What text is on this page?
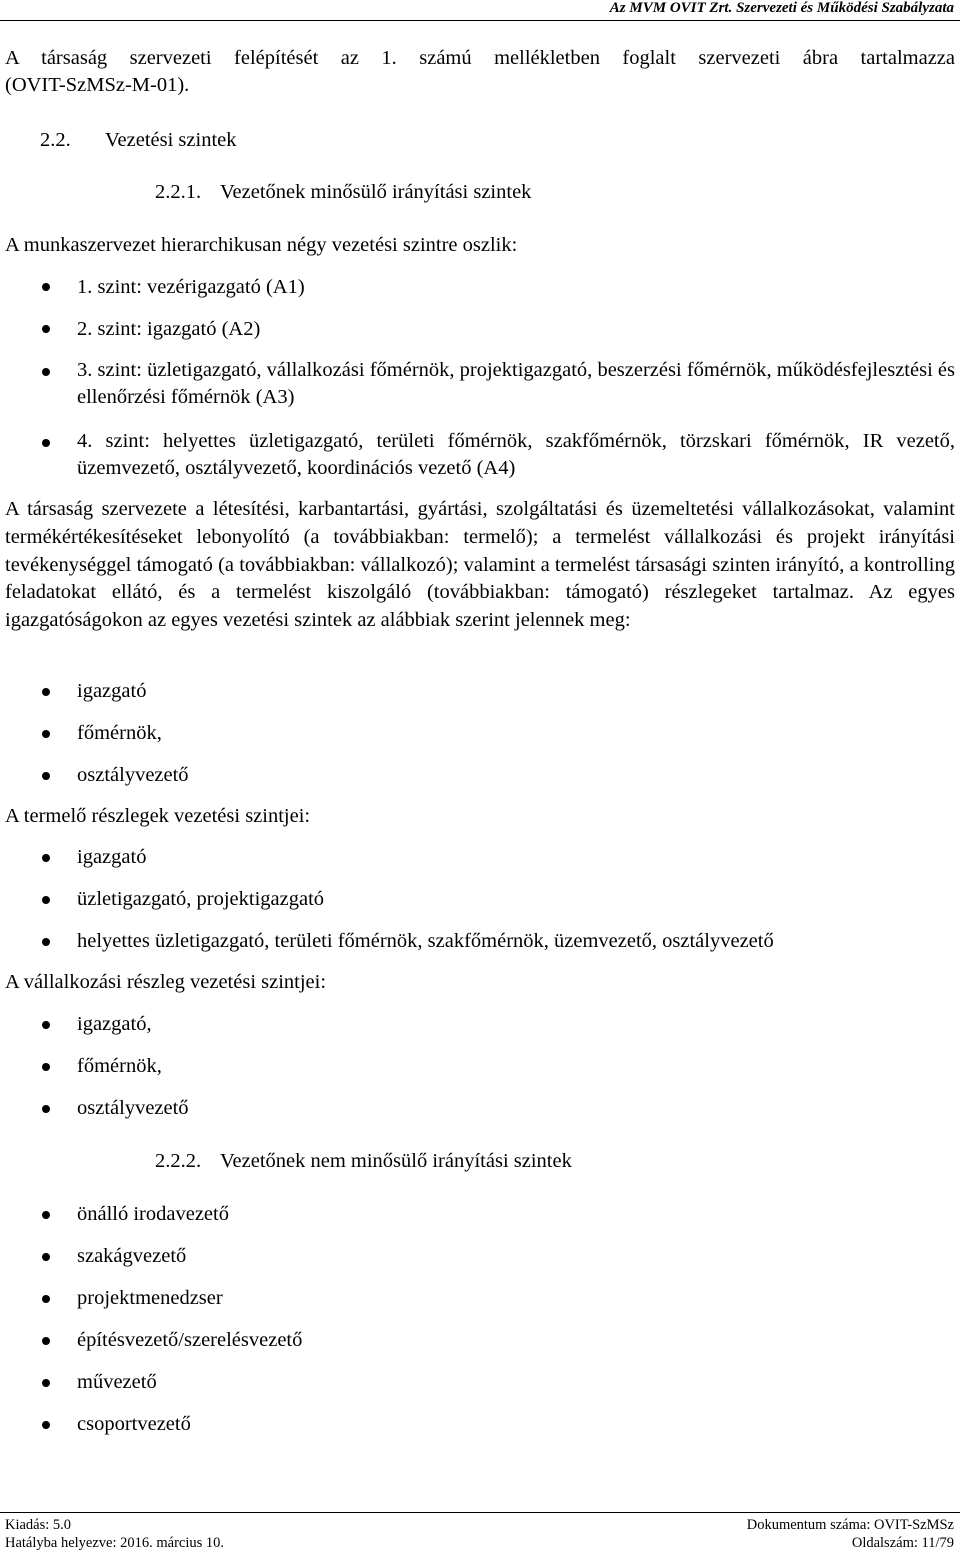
Az MVM OVIT Zrt. Szervezeti és Működési Szabályzata

A társaság szervezeti felépítését az 1. számú mellékletben foglalt szervezeti ábra tartalmazza

(OVIT-SzMSz-M-01).

2.2. Vezetési szintek
2.2.1. Vezetőnek minősülő irányítási szintek
A munkaszervezet hierarchikusan négy vezetési szintre oszlik:
1. szint: vezérigazgató (A1)
2. szint: igazgató (A2)
3. szint: üzletigazgató, vállalkozási főmérnök, projektigazgató, beszerzési főmérnök, működésfejlesztési és ellenőrzési főmérnök (A3)
4. szint: helyettes üzletigazgató, területi főmérnök, szakfőmérnök, törzskari főmérnök, IR vezető, üzemvezető, osztályvezető, koordinációs vezető (A4)
A társaság szervezete a létesítési, karbantartási, gyártási, szolgáltatási és üzemeltetési vállalkozásokat, valamint termékértékesítéseket lebonyolító (a továbbiakban: termelő); a termelést vállalkozási és projekt irányítási tevékenységgel támogató (a továbbiakban: vállalkozó); valamint a termelést társasági szinten irányító, a kontrolling feladatokat ellátó, és a termelést kiszolgáló (továbbiakban: támogató) részlegeket tartalmaz. Az egyes igazgatóságokon az egyes vezetési szintek az alábbiak szerint jelennek meg:
igazgató
főmérnök,
osztályvezető
A termelő részlegek vezetési szintjei:
igazgató
üzletigazgató, projektigazgató
helyettes üzletigazgató, területi főmérnök, szakfőmérnök, üzemvezető, osztályvezető
A vállalkozási részleg vezetési szintjei:
igazgató,
főmérnök,
osztályvezető
2.2.2. Vezetőnek nem minősülő irányítási szintek
önálló irodavezető
szakágvezető
projektmenedzser
építésvezető/szerelésvezető
művezető
csoportvezető
Kiadás: 5.0
Hatályba helyezve: 2016. március 10.
Dokumentum száma: OVIT-SzMSz
Oldalszám: 11/79
